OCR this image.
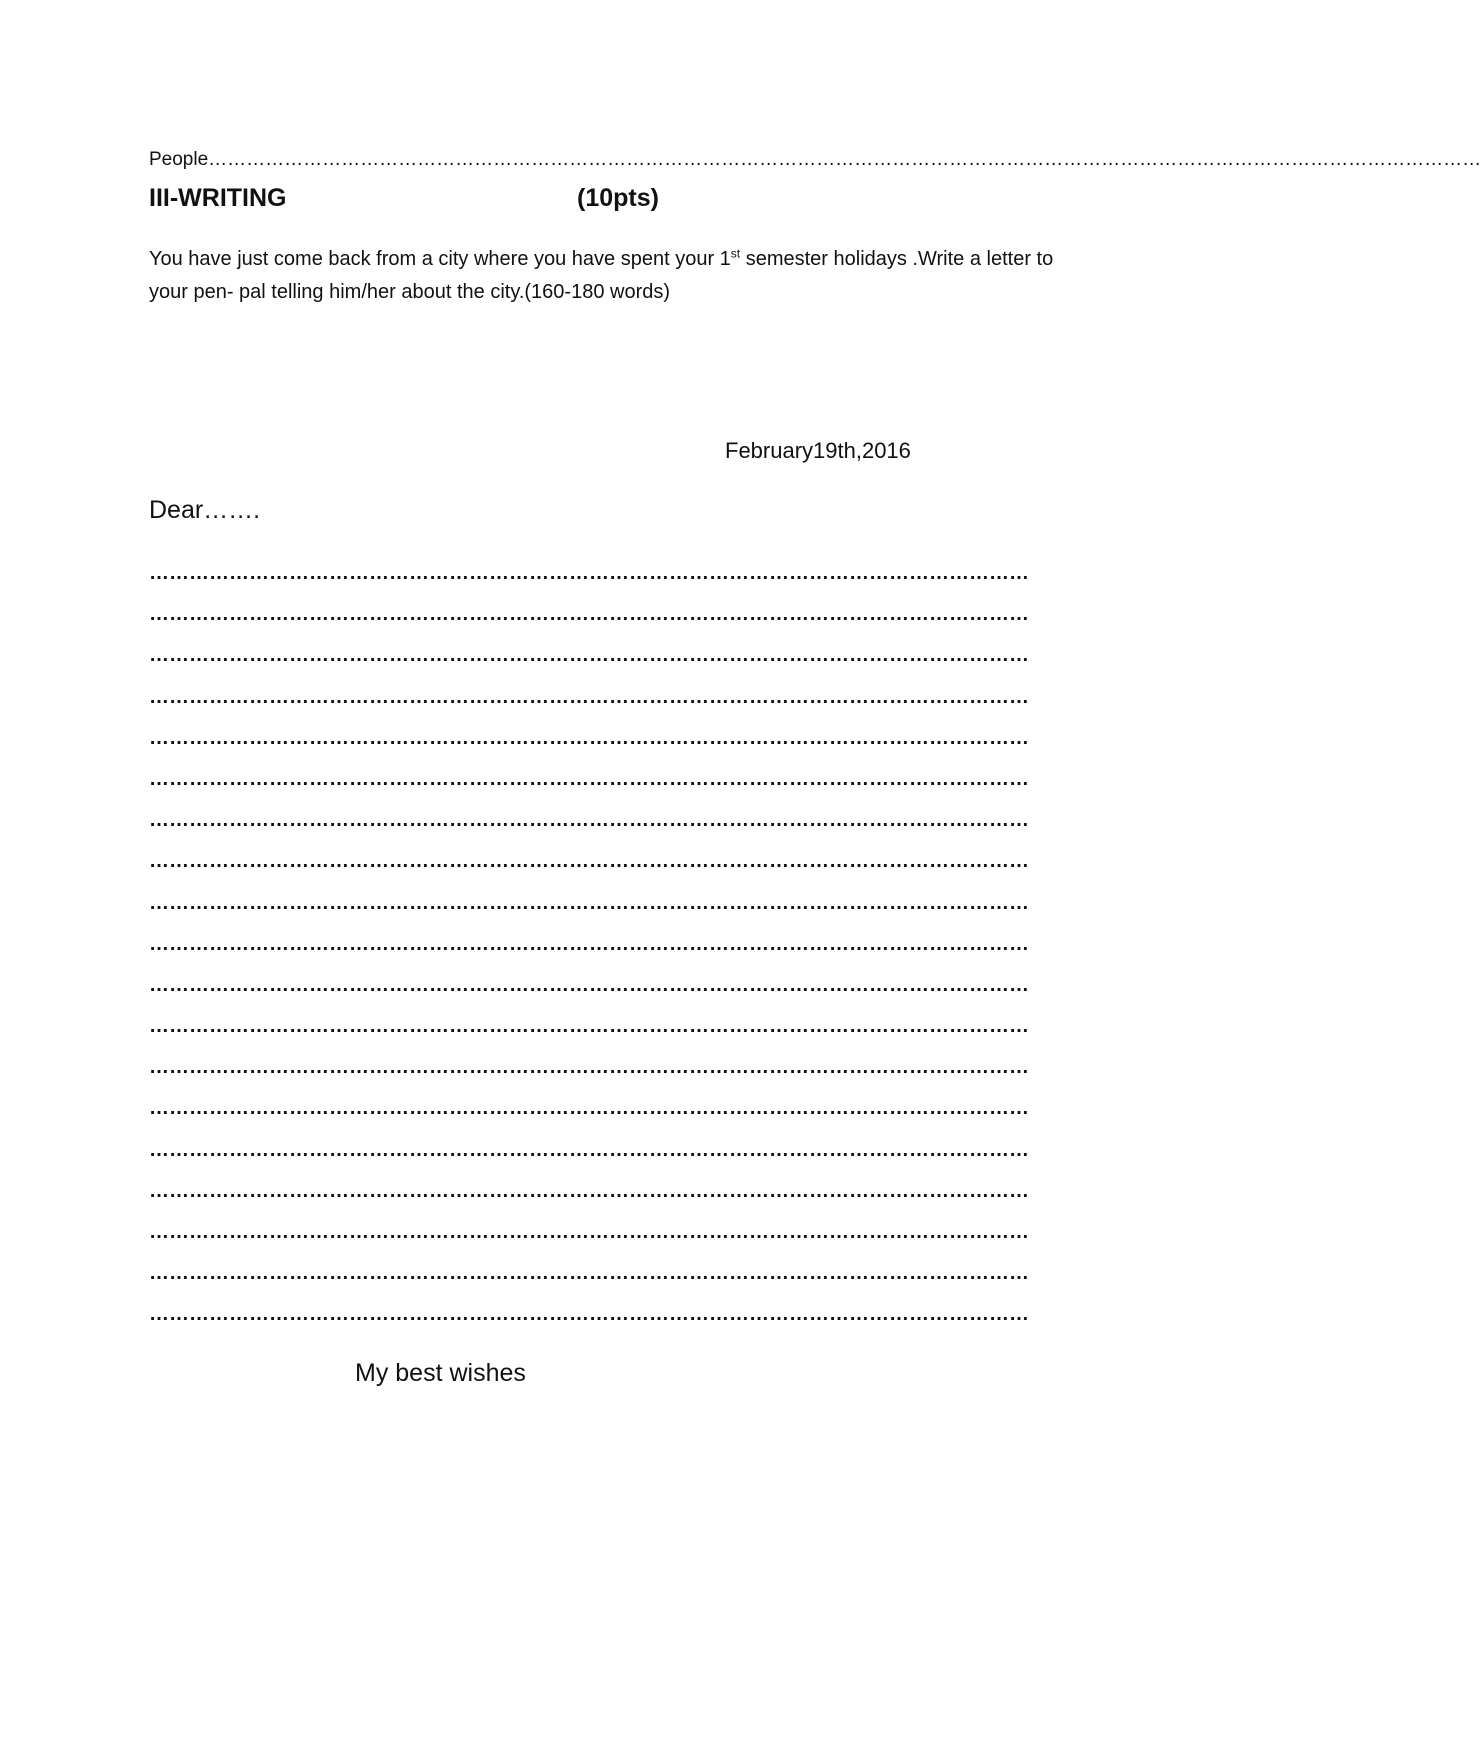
People…………………………………………………………………………………………………………………………………………………………………………………
III-WRITING	(10pts)
You have just come back from a city where you have spent your 1st semester holidays .Write a letter to your pen- pal telling him/her about the city.(160-180 words)
February19th,2016
Dear…….
……………………………………………………………………………………………………………………
……………………………………………………………………………………………………………………
……………………………………………………………………………………………………………………
……………………………………………………………………………………………………………………
……………………………………………………………………………………………………………………
……………………………………………………………………………………………………………………
……………………………………………………………………………………………………………………
……………………………………………………………………………………………………………………
……………………………………………………………………………………………………………………
……………………………………………………………………………………………………………………
……………………………………………………………………………………………………………………
……………………………………………………………………………………………………………………
……………………………………………………………………………………………………………………
……………………………………………………………………………………………………………………
……………………………………………………………………………………………………………………
……………………………………………………………………………………………………………………
……………………………………………………………………………………………………………………
……………………………………………………………………………………………………………………
……………………………………………………………………………………………………………………
My best wishes
